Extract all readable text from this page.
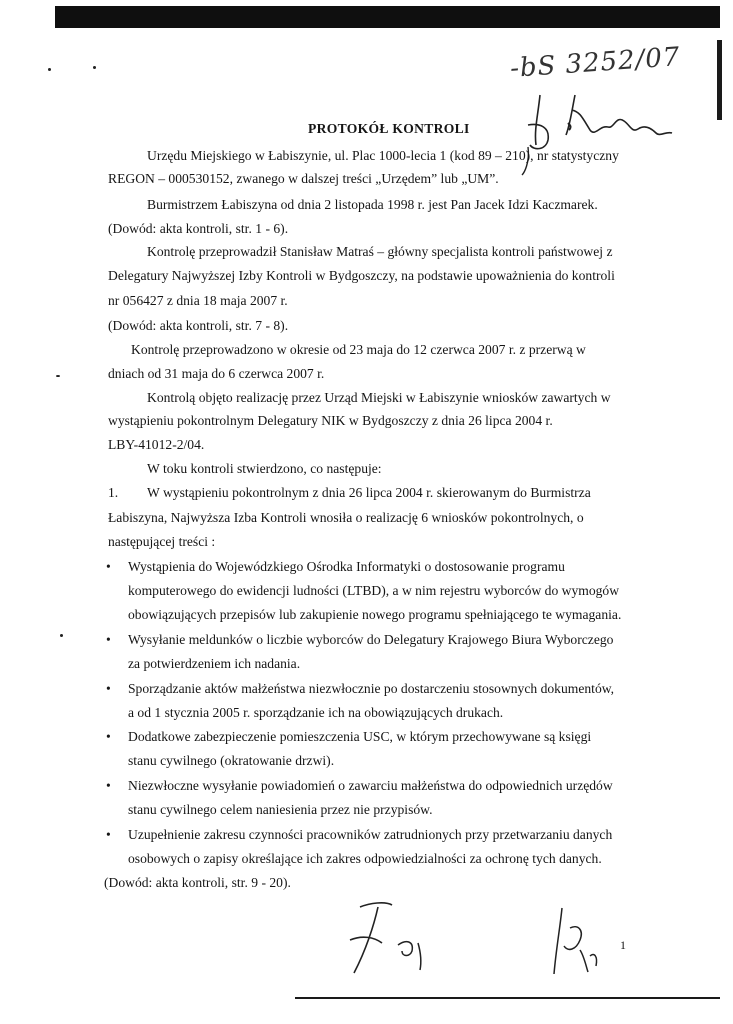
-bS 3252/07
PROTOKÓŁ KONTROLI
Urzędu Miejskiego w Łabiszynie, ul. Plac 1000-lecia 1 (kod 89 – 210), nr statystyczny
REGON – 000530152, zwanego w dalszej treści „Urzędem” lub „UM”.
Burmistrzem Łabiszyna od dnia 2 listopada 1998 r. jest Pan Jacek Idzi Kaczmarek.
(Dowód: akta kontroli, str. 1 - 6).
Kontrolę przeprowadził Stanisław Matraś – główny specjalista kontroli państwowej z
Delegatury Najwyższej Izby Kontroli w Bydgoszczy, na podstawie upoważnienia do kontroli
nr 056427 z dnia 18 maja 2007 r.
(Dowód: akta kontroli, str. 7 - 8).
Kontrolę przeprowadzono w okresie od 23 maja do 12 czerwca 2007 r. z przerwą w
dniach od 31 maja do 6 czerwca 2007 r.
Kontrolą objęto realizację przez Urząd Miejski w Łabiszynie wniosków zawartych w
wystąpieniu pokontrolnym Delegatury NIK w Bydgoszczy z dnia 26 lipca 2004 r.
LBY-41012-2/04.
W toku kontroli stwierdzono, co następuje:
1. W wystąpieniu pokontrolnym z dnia 26 lipca 2004 r. skierowanym do Burmistrza
Łabiszyna, Najwyższa Izba Kontroli wnosiła o realizację 6 wniosków pokontrolnych, o
następującej treści :
• Wystąpienia do Wojewódzkiego Ośrodka Informatyki o dostosowanie programu
komputerowego do ewidencji ludności (LTBD), a w nim rejestru wyborców do wymogów
obowiązujących przepisów lub zakupienie nowego programu spełniającego te wymagania.
• Wysyłanie meldunków o liczbie wyborców do Delegatury Krajowego Biura Wyborczego
za potwierdzeniem ich nadania.
• Sporządzanie aktów małżeństwa niezwłocznie po dostarczeniu stosownych dokumentów,
a od 1 stycznia 2005 r. sporządzanie ich na obowiązujących drukach.
• Dodatkowe zabezpieczenie pomieszczenia USC, w którym przechowywane są księgi
stanu cywilnego (okratowanie drzwi).
• Niezwłoczne wysyłanie powiadomień o zawarciu małżeństwa do odpowiednich urzędów
stanu cywilnego celem naniesienia przez nie przypisów.
• Uzupełnienie zakresu czynności pracowników zatrudnionych przy przetwarzaniu danych
osobowych o zapisy określające ich zakres odpowiedzialności za ochronę tych danych.
(Dowód: akta kontroli, str. 9 - 20).
1
